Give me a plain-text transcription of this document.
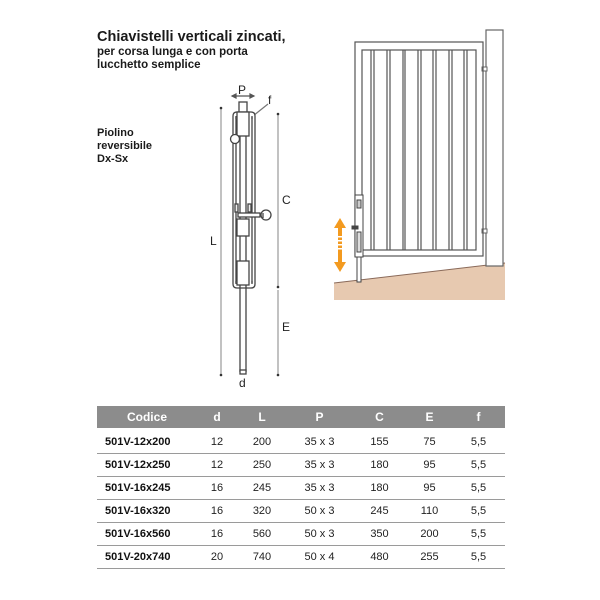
Chiavistelli verticali zincati,
per corsa lunga e con porta
lucchetto semplice
Piolino
reversibile
Dx-Sx
P
f
C
L
E
d
Codice	d	L	P	C	E	f

501V-12x200	12	200	35 x 3	155	75	5,5
501V-12x250	12	250	35 x 3	180	95	5,5
501V-16x245	16	245	35 x 3	180	95	5,5
501V-16x320	16	320	50 x 3	245	110	5,5
501V-16x560	16	560	50 x 3	350	200	5,5
501V-20x740	20	740	50 x 4	480	255	5,5
